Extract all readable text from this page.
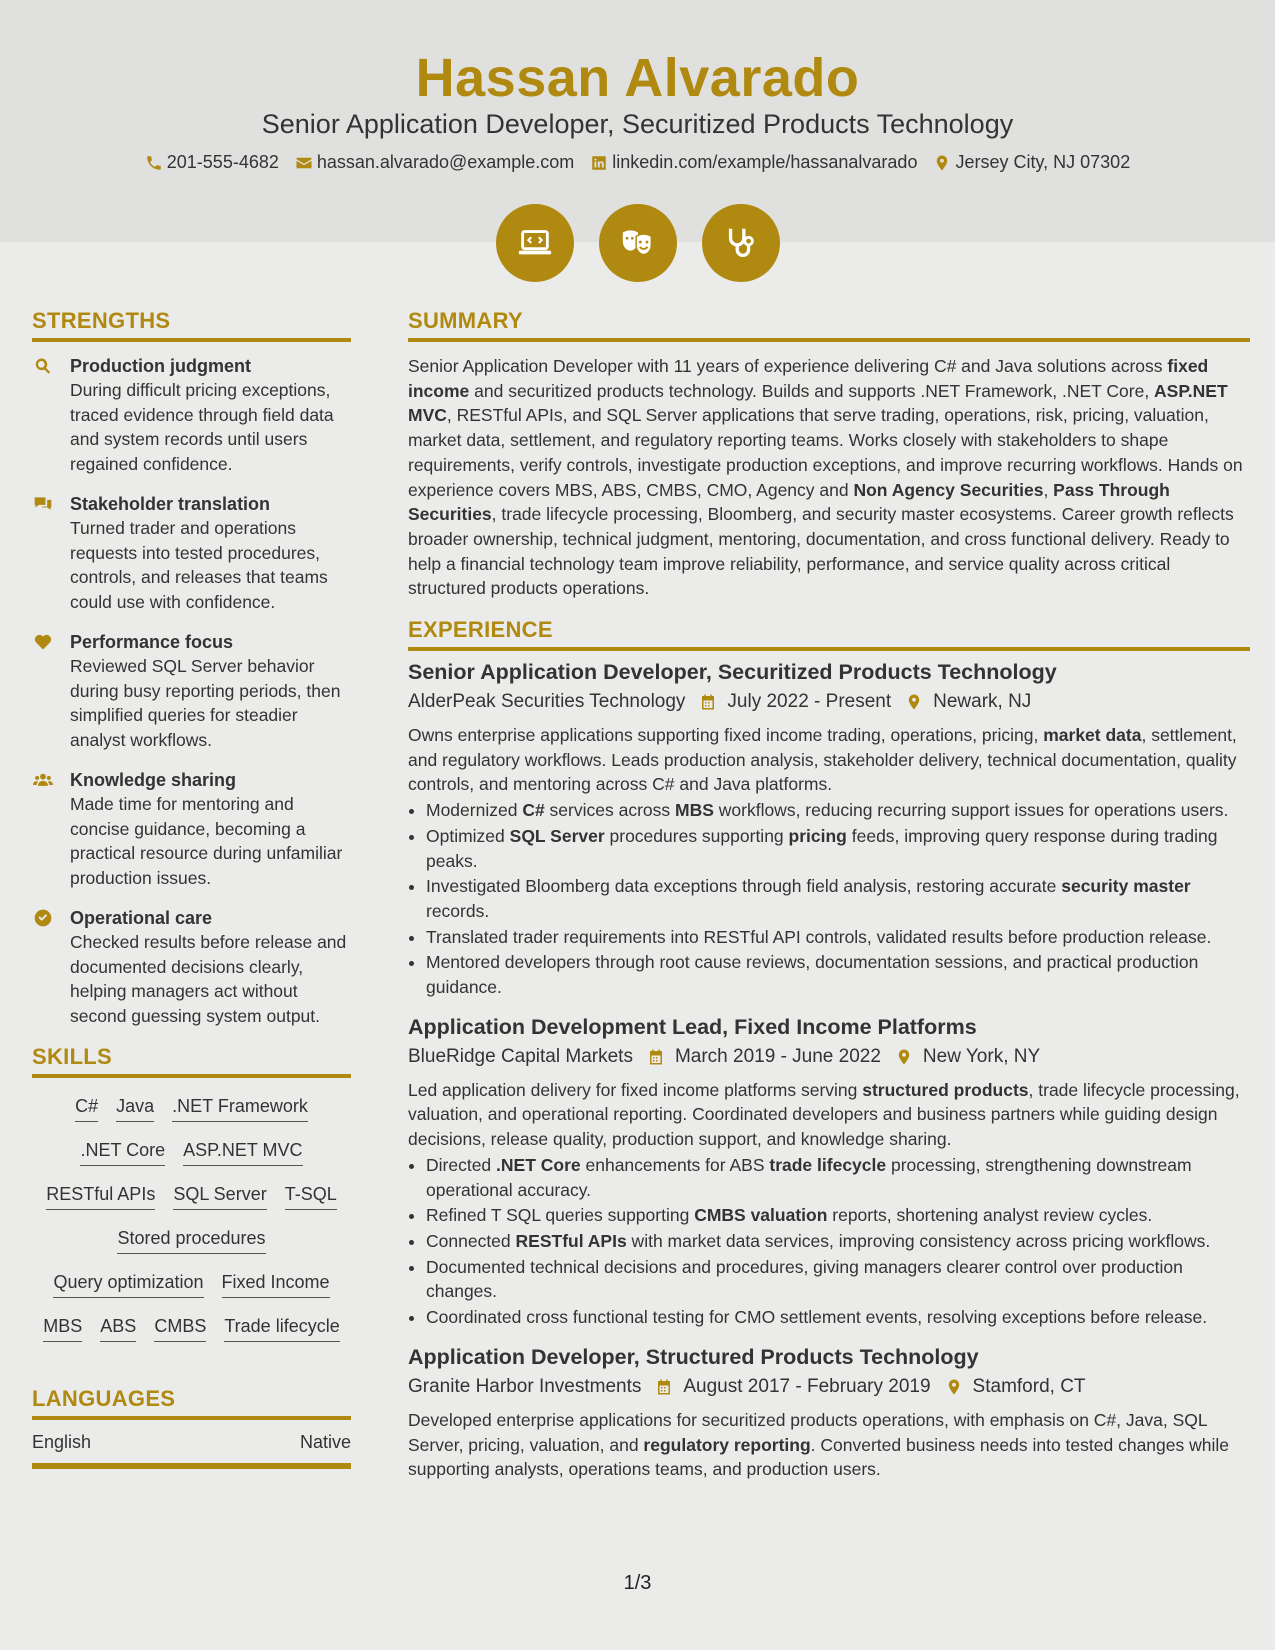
Hassan Alvarado
Senior Application Developer, Securitized Products Technology
201-555-4682 hassan.alvarado@example.com linkedin.com/example/hassanalvarado Jersey City, NJ 07302
STRENGTHS
Production judgment
During difficult pricing exceptions, traced evidence through field data and system records until users regained confidence.
Stakeholder translation
Turned trader and operations requests into tested procedures, controls, and releases that teams could use with confidence.
Performance focus
Reviewed SQL Server behavior during busy reporting periods, then simplified queries for steadier analyst workflows.
Knowledge sharing
Made time for mentoring and concise guidance, becoming a practical resource during unfamiliar production issues.
Operational care
Checked results before release and documented decisions clearly, helping managers act without second guessing system output.
SKILLS
C# Java .NET Framework
.NET Core ASP.NET MVC
RESTful APIs SQL Server T-SQL
Stored procedures
Query optimization Fixed Income
MBS ABS CMBS Trade lifecycle
LANGUAGES
English	Native
SUMMARY
Senior Application Developer with 11 years of experience delivering C# and Java solutions across fixed income and securitized products technology. Builds and supports .NET Framework, .NET Core, ASP.NET MVC, RESTful APIs, and SQL Server applications that serve trading, operations, risk, pricing, valuation, market data, settlement, and regulatory reporting teams. Works closely with stakeholders to shape requirements, verify controls, investigate production exceptions, and improve recurring workflows. Hands on experience covers MBS, ABS, CMBS, CMO, Agency and Non Agency Securities, Pass Through Securities, trade lifecycle processing, Bloomberg, and security master ecosystems. Career growth reflects broader ownership, technical judgment, mentoring, documentation, and cross functional delivery. Ready to help a financial technology team improve reliability, performance, and service quality across critical structured products operations.
EXPERIENCE
Senior Application Developer, Securitized Products Technology
AlderPeak Securities Technology July 2022 - Present Newark, NJ
Owns enterprise applications supporting fixed income trading, operations, pricing, market data, settlement, and regulatory workflows. Leads production analysis, stakeholder delivery, technical documentation, quality controls, and mentoring across C# and Java platforms.
• Modernized C# services across MBS workflows, reducing recurring support issues for operations users.
• Optimized SQL Server procedures supporting pricing feeds, improving query response during trading peaks.
• Investigated Bloomberg data exceptions through field analysis, restoring accurate security master records.
• Translated trader requirements into RESTful API controls, validated results before production release.
• Mentored developers through root cause reviews, documentation sessions, and practical production guidance.
Application Development Lead, Fixed Income Platforms
BlueRidge Capital Markets March 2019 - June 2022 New York, NY
Led application delivery for fixed income platforms serving structured products, trade lifecycle processing, valuation, and operational reporting. Coordinated developers and business partners while guiding design decisions, release quality, production support, and knowledge sharing.
• Directed .NET Core enhancements for ABS trade lifecycle processing, strengthening downstream operational accuracy.
• Refined T SQL queries supporting CMBS valuation reports, shortening analyst review cycles.
• Connected RESTful APIs with market data services, improving consistency across pricing workflows.
• Documented technical decisions and procedures, giving managers clearer control over production changes.
• Coordinated cross functional testing for CMO settlement events, resolving exceptions before release.
Application Developer, Structured Products Technology
Granite Harbor Investments August 2017 - February 2019 Stamford, CT
Developed enterprise applications for securitized products operations, with emphasis on C#, Java, SQL Server, pricing, valuation, and regulatory reporting. Converted business needs into tested changes while supporting analysts, operations teams, and production users.
1/3
